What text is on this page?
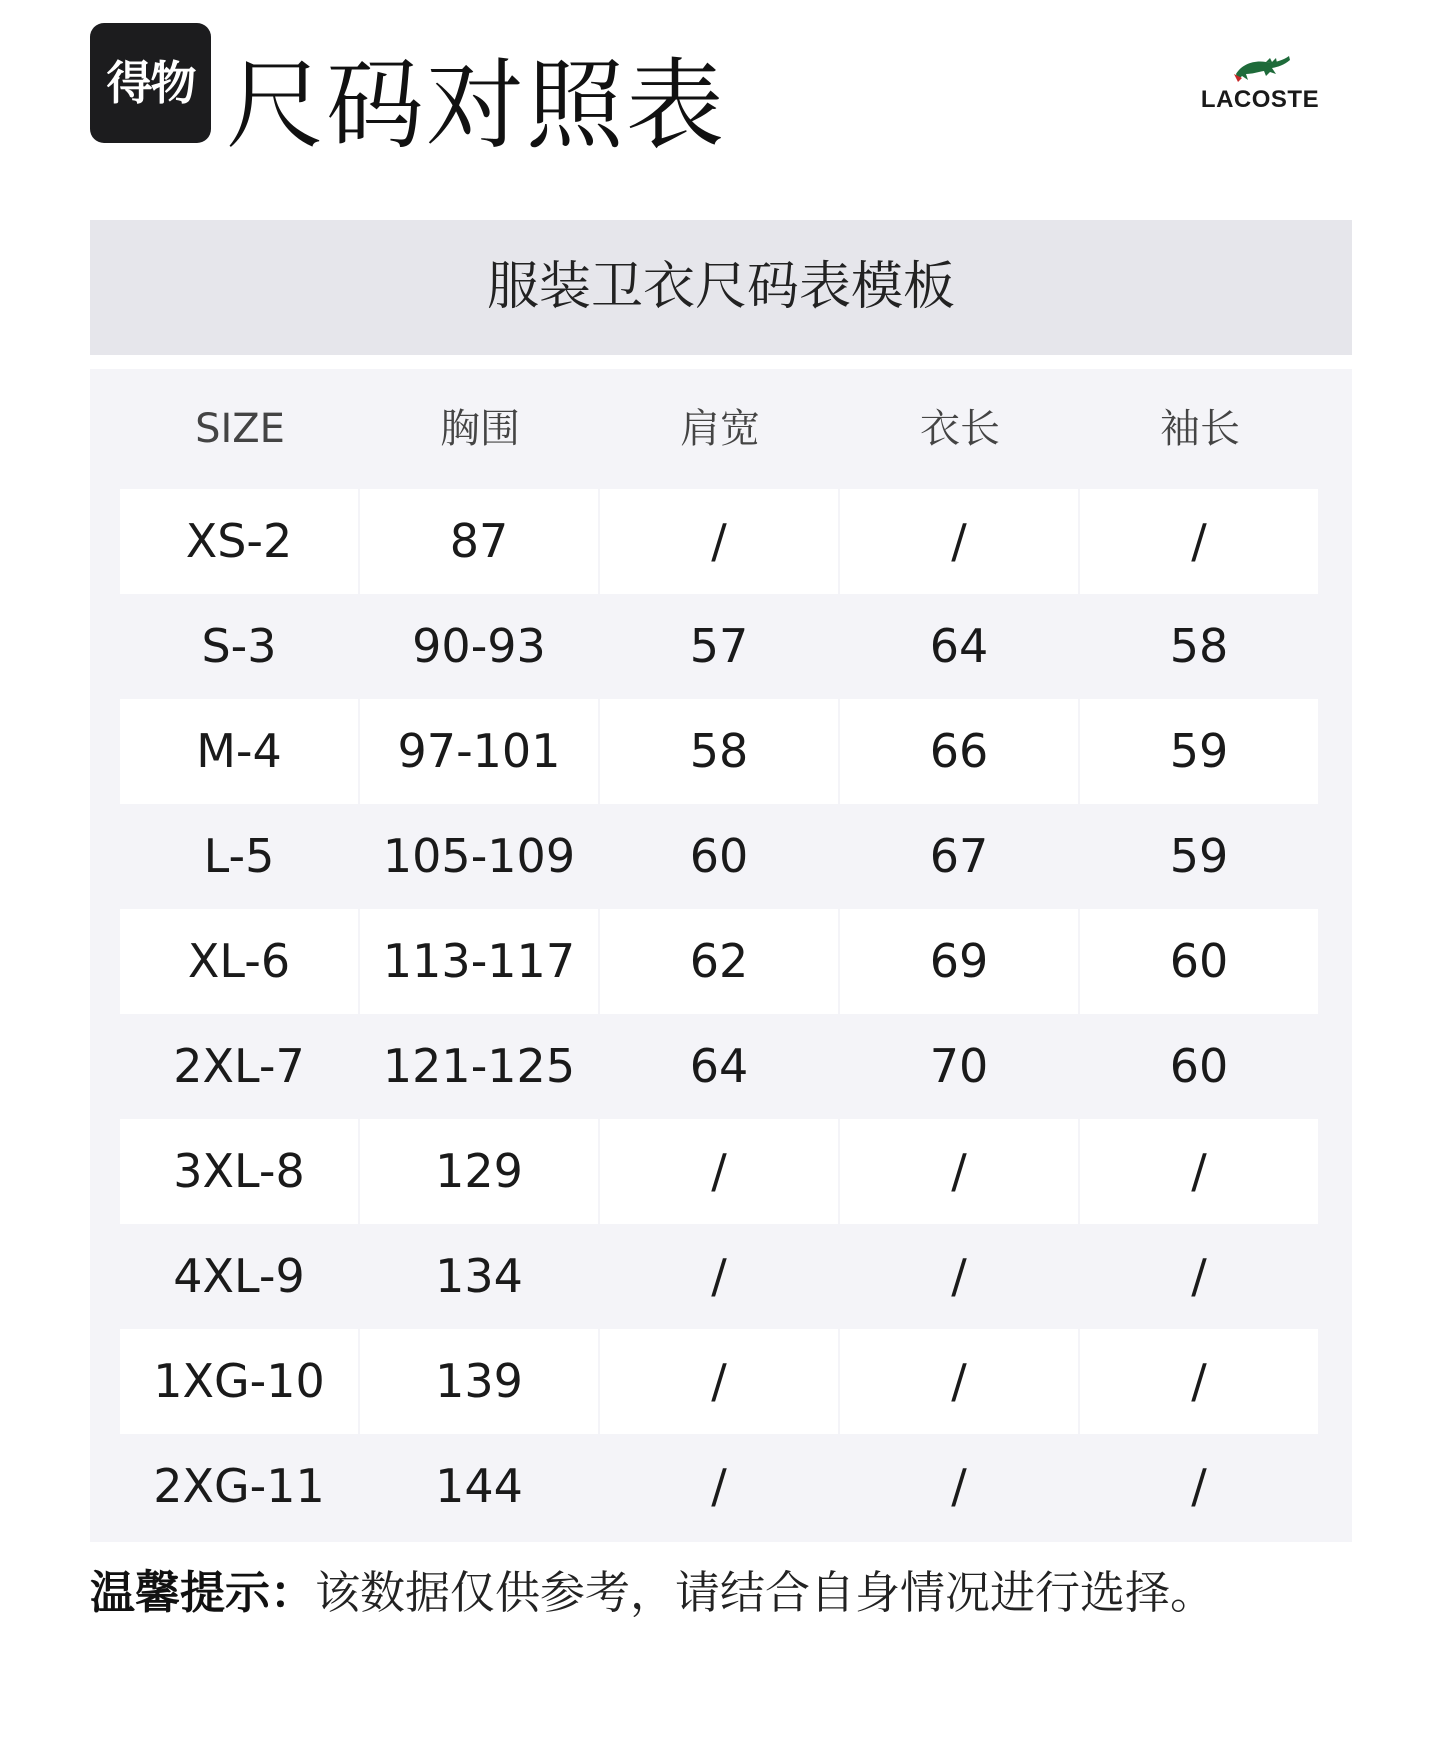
得物 尺码对照表	LACOSTE
服装卫衣尺码表模板
SIZE	胸围	肩宽	衣长	袖长
XS-2	87	/	/	/
S-3	90-93	57	64	58
M-4	97-101	58	66	59
L-5	105-109	60	67	59
XL-6	113-117	62	69	60
2XL-7	121-125	64	70	60
3XL-8	129	/	/	/
4XL-9	134	/	/	/
1XG-10	139	/	/	/
2XG-11	144	/	/	/
温馨提示：该数据仅供参考，请结合自身情况进行选择。
